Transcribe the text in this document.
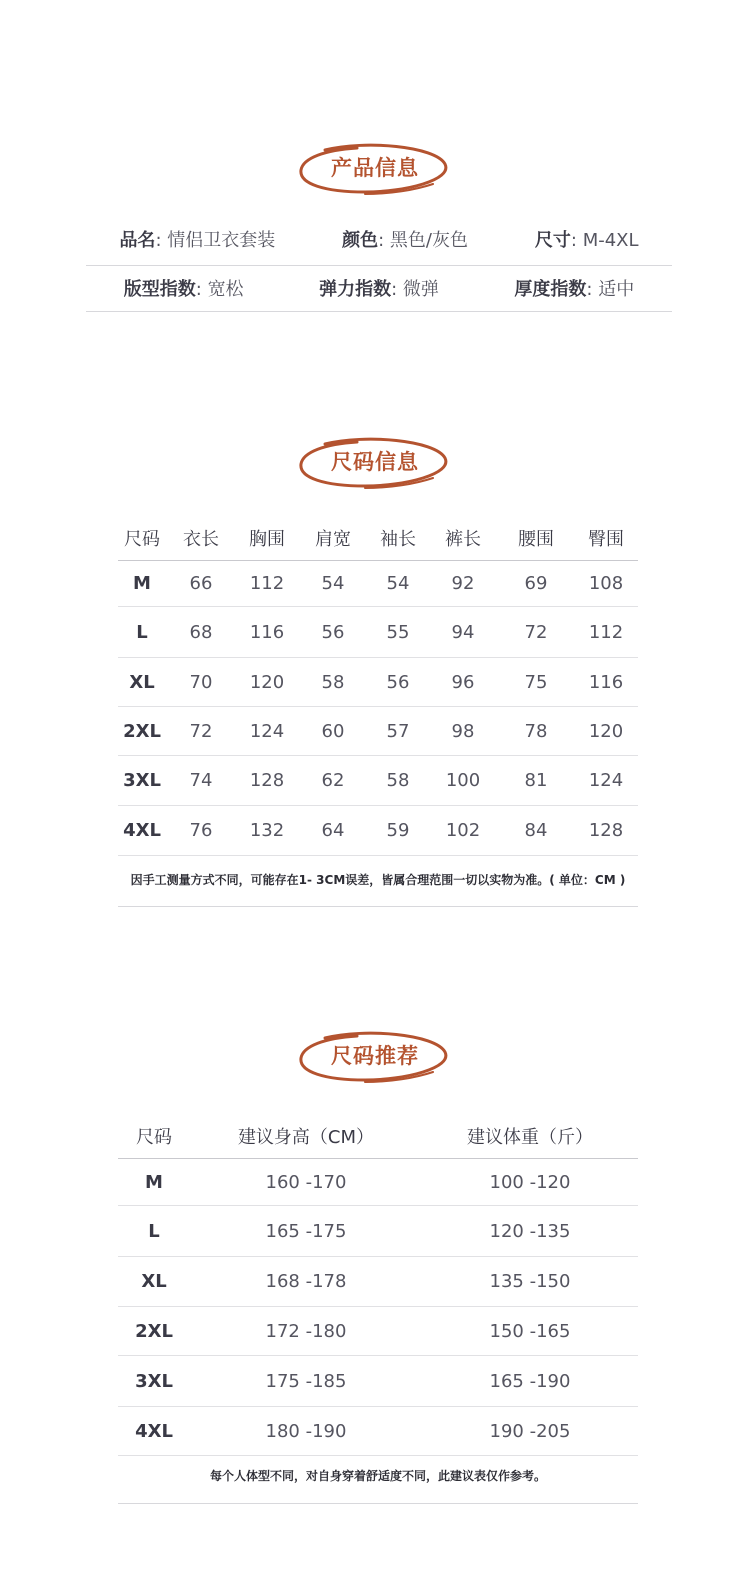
产品信息
品名: 情侣卫衣套装	颜色: 黑色/灰色	尺寸: M-4XL
版型指数: 宽松	弹力指数: 微弹	厚度指数: 适中
尺码信息
尺码	衣长	胸围	肩宽	袖长	裤长	腰围	臀围
M	66	112	54	54	92	69	108
L	68	116	56	55	94	72	112
XL	70	120	58	56	96	75	116
2XL	72	124	60	57	98	78	120
3XL	74	128	62	58	100	81	124
4XL	76	132	64	59	102	84	128
因手工测量方式不同，可能存在1- 3CM误差，皆属合理范围一切以实物为准。( 单位：CM )
尺码推荐
尺码	建议身高（CM）	建议体重（斤）
M	160 -170	100 -120
L	165 -175	120 -135
XL	168 -178	135 -150
2XL	172 -180	150 -165
3XL	175 -185	165 -190
4XL	180 -190	190 -205
每个人体型不同，对自身穿着舒适度不同，此建议表仅作参考。
